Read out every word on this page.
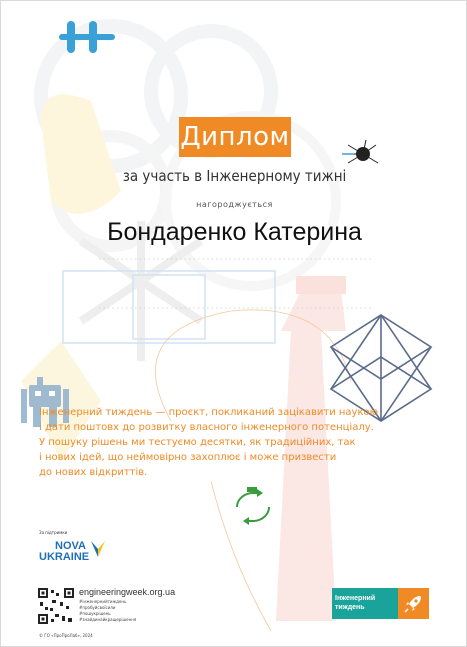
Диплом
за участь в Інженерному тижні
нагороджується
Бондаренко Катерина
Інженерний тиждень — проєкт, покликаний зацікавити наукою
і дати поштовх до розвитку власного інженерного потенціалу.
У пошуку рішень ми тестуємо десятки, як традиційних, так
і нових ідей, що неймовірно захоплює і може призвести
до нових відкриттів.
За підтримки
NOVA
UKRAINE
engineeringweek.org.ua
#інженернийтиждень
#пробуйсвоїсили
#пошукрішень
#знайдинайкращерішення
© ГО «ПроПроЛаб», 2024
Інженерний
тиждень
